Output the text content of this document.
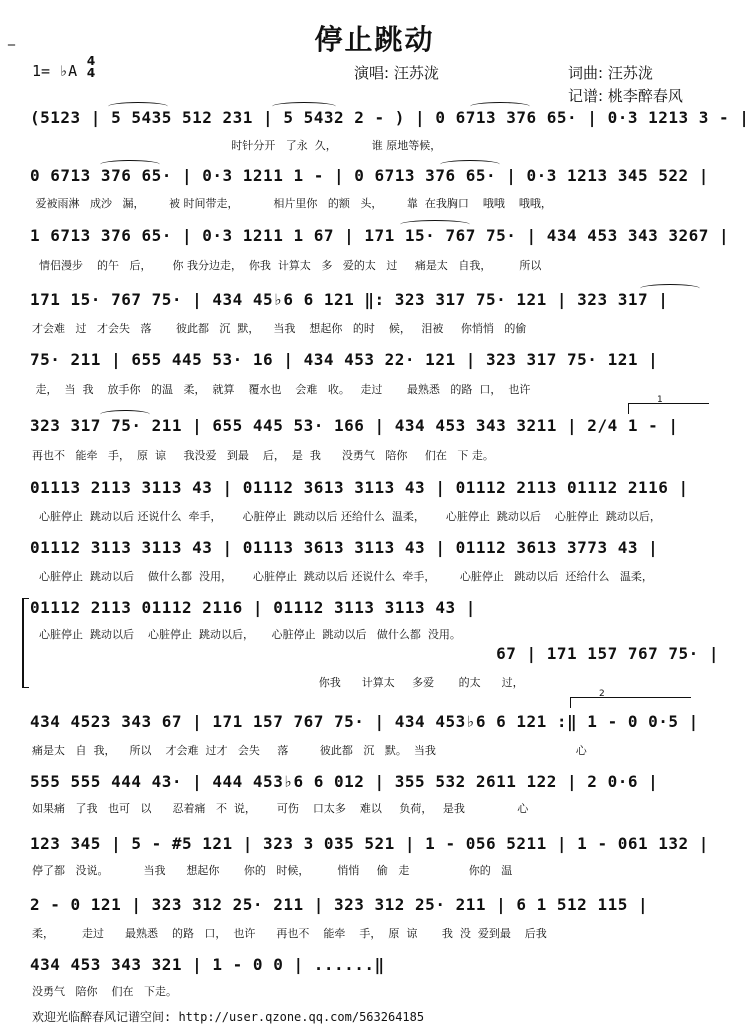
停止跳动
_
1= ♭A
4
4	演唱: 汪苏泷	词曲: 汪苏泷
记谱: 桃李醉春风
(5123 | 5 5435 512 231 | 5 5432 2 - ) | 0 6713 376 65· | 0·3 1213 3 - |
时针分开   了永  久，          谁 原地等候，
0 6713 376 65· | 0·3 1211 1 - | 0 6713 376 65· | 0·3 1213 345 522 |
爱被雨淋   成沙   漏，       被 时间带走，          相片里你   的额   头，       靠  在我胸口    哦哦    哦哦，
1 6713 376 65· | 0·3 1211 1 67 | 171 15· 767 75· | 434 453 343 3267 |
情侣漫步    的午   后，      你 我分边走，  你我  计算太   多   爱的太   过     痛是太   自我，        所以
171 15· 767 75· | 434 45♭6 6 121 ‖: 323 317 75· 121 | 323 317 |
才会难   过   才会失   落       彼此都   沉  默，    当我    想起你   的时    候，   泪被     你悄悄   的偷
75· 211 | 655 445 53· 16 | 434 453 22· 121 | 323 317 75· 121 |
走，  当  我    放手你   的温   柔，  就算    覆水也    会难   收。   走过       最熟悉   的路  口，  也许
1
323 317 75· 211 | 655 445 53· 166 | 434 453 343 3211 | 2/4 1 - |
再也不   能牵   手，  原  谅     我没爱   到最    后，  是  我      没勇气   陪你     们在   下 走。
01113 2113 3113 43 | 01112 3613 3113 43 | 01112 2113 01112 2116 |
心脏停止  跳动以后 还说什么  牵手，      心脏停止  跳动以后 还给什么  温柔，      心脏停止  跳动以后    心脏停止  跳动以后，
01112 3113 3113 43 | 01113 3613 3113 43 | 01112 3613 3773 43 |
心脏停止  跳动以后    做什么都  没用，      心脏停止  跳动以后 还说什么  牵手，       心脏停止   跳动以后  还给什么   温柔，
01112 2113 01112 2116 | 01112 3113 3113 43 |
心脏停止  跳动以后    心脏停止  跳动以后，     心脏停止  跳动以后   做什么都  没用。
67 | 171 157 767 75· |
你我      计算太     多爱       的太      过，
2
434 4523 343 67 | 171 157 767 75· | 434 453♭6 6 121 :‖ 1 - 0 0·5 |
痛是太   自  我，    所以    才会难  过才   会失     落         彼此都   沉   默。  当我                                        心
555 555 444 43· | 444 453♭6 6 012 | 355 532 2611 122 | 2 0·6 |
如果痛   了我   也可   以      忍着痛   不  说，      可伤    口太多    难以     负荷，   是我               心
123 345 | 5 - #5 121 | 323 3 035 521 | 1 - 056 5211 | 1 - 061 132 |
停了都   没说。          当我      想起你       你的   时候，        悄悄     偷   走                 你的   温
2 - 0 121 | 323 312 25· 211 | 323 312 25· 211 | 6 1 512 115 |
柔，        走过      最熟悉    的路   口，  也许      再也不    能牵    手，  原  谅       我  没  爱到最    后我
434 453 343 321 | 1 - 0 0 | ......‖
没勇气   陪你    们在   下走。
欢迎光临醉春风记谱空间: http://user.qzone.qq.com/563264185
